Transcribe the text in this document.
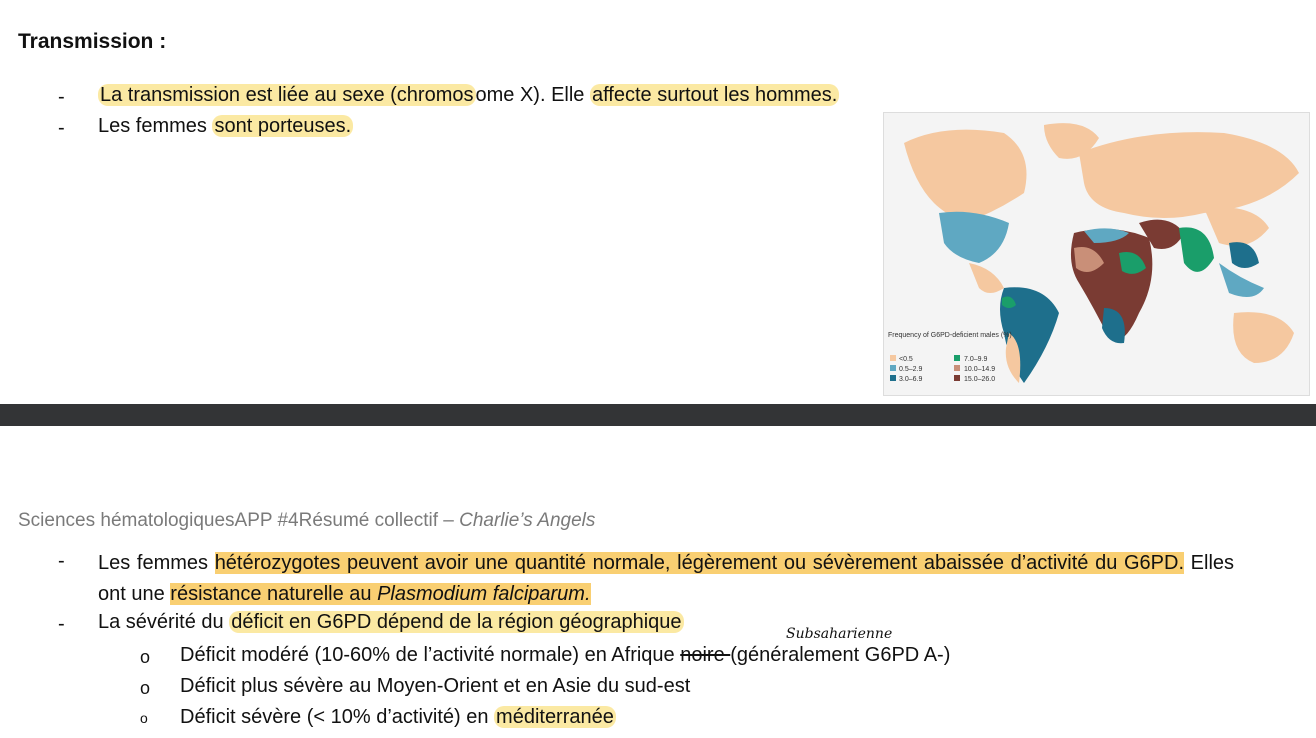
Transmission :
- La transmission est liée au sexe (chromos ome X). Elle affecte surtout les hommes.
- Les femmes sont porteuses.
Frequency of G6PD-deficient males (%)
<0.5
0.5–2.9
3.0–6.9
7.0–9.9
10.0–14.9
15.0–26.0
Sciences hématologiquesAPP #4Résumé collectif – Charlie’s Angels
- Les femmes hétérozygotes peuvent avoir une quantité normale, légèrement ou sévèrement abaissée d’activité du G6PD. Elles ont une résistance naturelle au Plasmodium falciparum.
- La sévérité du déficit en G6PD dépend de la région géographique
Subsaharienne
o Déficit modéré (10-60% de l’activité normale) en Afrique noire (généralement G6PD A-)
o Déficit plus sévère au Moyen-Orient et en Asie du sud-est
o Déficit sévère (< 10% d’activité) en méditerranée
